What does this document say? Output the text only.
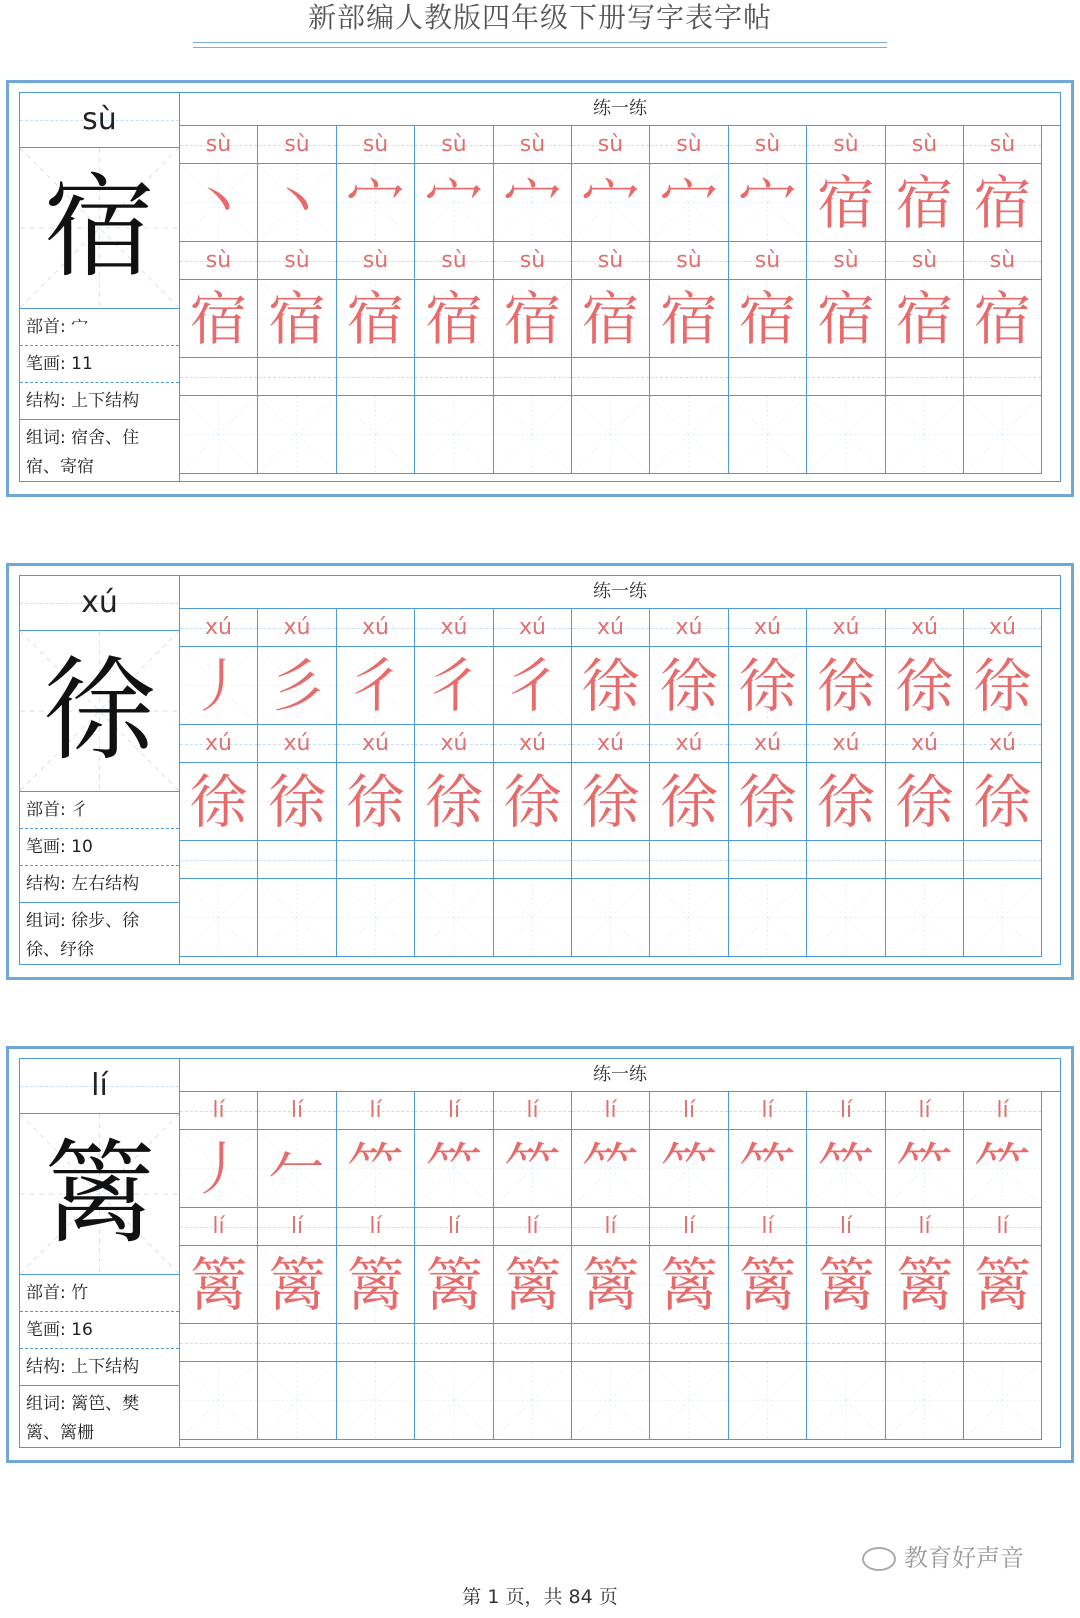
新部编人教版四年级下册写字表字帖
sù
宿
部首: 宀
笔画: 11
结构: 上下结构
组词: 宿舍、住宿、寄宿
练一练
sù	sù	sù	sù	sù	sù	sù	sù	sù	sù	sù
丶 丶 宀 宀 宀 宀 宀 宀 宿 宿 宿
sù	sù	sù	sù	sù	sù	sù	sù	sù	sù	sù
宿 宿 宿 宿 宿 宿 宿 宿 宿 宿 宿
xú
徐
部首: 彳
笔画: 10
结构: 左右结构
组词: 徐步、徐徐、纾徐
练一练
xú	xú	xú	xú	xú	xú	xú	xú	xú	xú	xú
丿 彡 彳 彳 彳 徐 徐 徐 徐 徐 徐
xú	xú	xú	xú	xú	xú	xú	xú	xú	xú	xú
徐 徐 徐 徐 徐 徐 徐 徐 徐 徐 徐
lí
篱
部首: 竹
笔画: 16
结构: 上下结构
组词: 篱笆、樊篱、篱栅
练一练
lí	lí	lí	lí	lí	lí	lí	lí	lí	lí	lí
丿 𠂉 ⺮ ⺮ ⺮ ⺮ ⺮ ⺮ ⺮ ⺮ ⺮
lí	lí	lí	lí	lí	lí	lí	lí	lí	lí	lí
篱 篱 篱 篱 篱 篱 篱 篱 篱 篱 篱
教育好声音
第 1 页，共 84 页
